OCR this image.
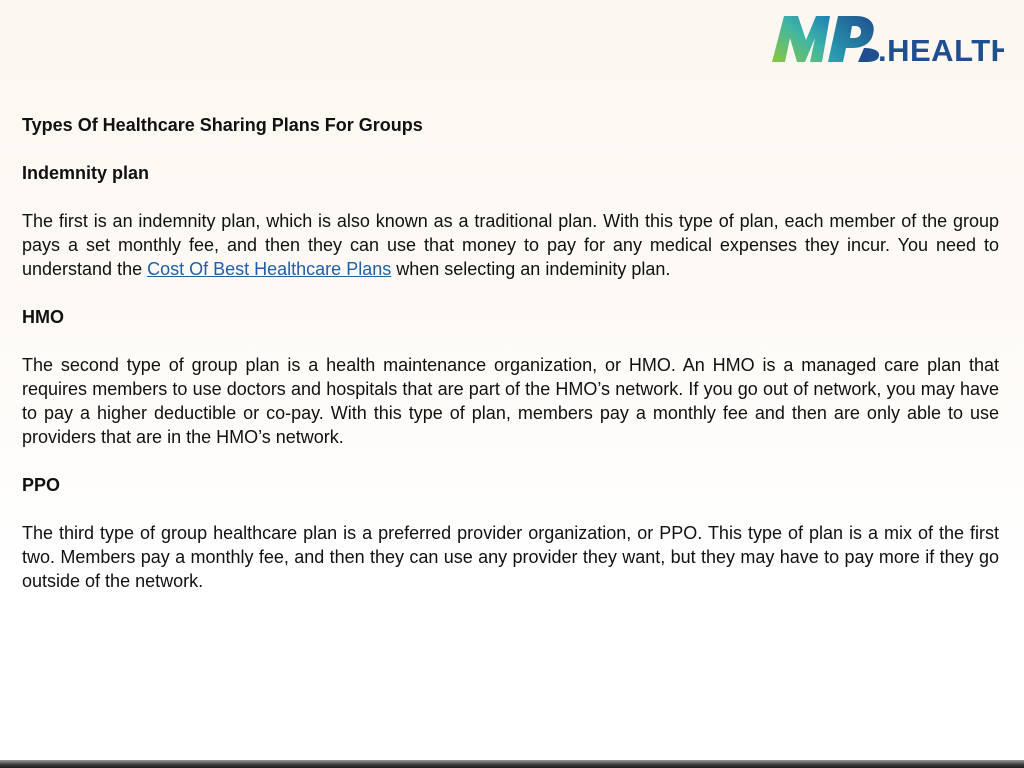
.HEALTH
Types Of Healthcare Sharing Plans For Groups
Indemnity plan
The first is an indemnity plan, which is also known as a traditional plan. With this type of plan, each member of the group pays a set monthly fee, and then they can use that money to pay for any medical expenses they incur. You need to understand the Cost Of Best Healthcare Plans when selecting an indeminity plan.
HMO
The second type of group plan is a health maintenance organization, or HMO. An HMO is a managed care plan that requires members to use doctors and hospitals that are part of the HMO’s network. If you go out of network, you may have to pay a higher deductible or co-pay. With this type of plan, members pay a monthly fee and then are only able to use providers that are in the HMO’s network.
PPO
The third type of group healthcare plan is a preferred provider organization, or PPO. This type of plan is a mix of the first two. Members pay a monthly fee, and then they can use any provider they want, but they may have to pay more if they go outside of the network.
